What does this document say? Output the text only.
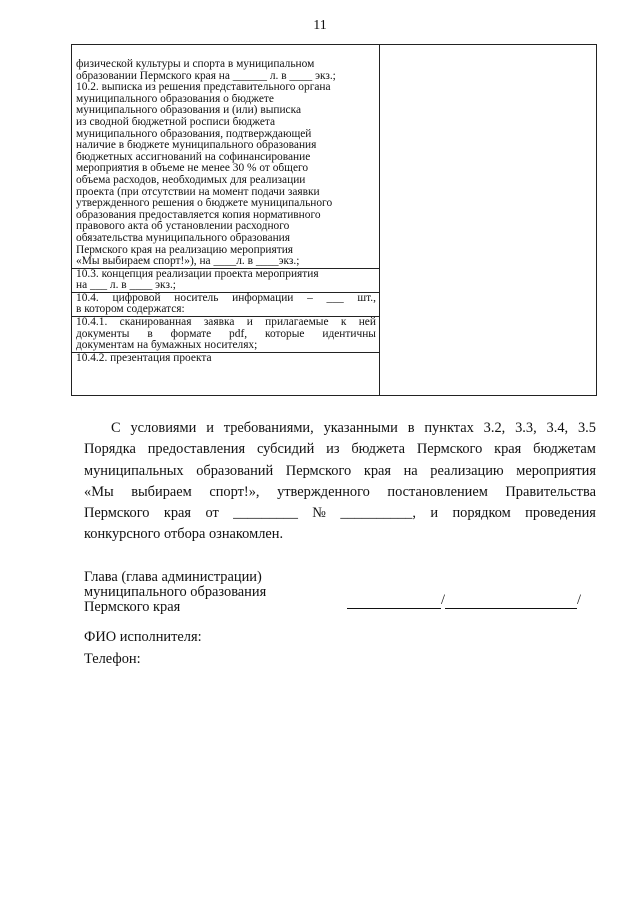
11
физической культуры и спорта в муниципальном
образовании Пермского края на ______ л. в ____ экз.;
10.2. выписка из решения представительного органа
муниципального образования о бюджете
муниципального образования и (или) выписка
из сводной бюджетной росписи бюджета
муниципального образования, подтверждающей
наличие в бюджете муниципального образования
бюджетных ассигнований на софинансирование
мероприятия в объеме не менее 30 % от общего
объема расходов, необходимых для реализации
проекта (при отсутствии на момент подачи заявки
утвержденного решения о бюджете муниципального
образования предоставляется копия нормативного
правового акта об установлении расходного
обязательства муниципального образования
Пермского края на реализацию мероприятия
«Мы выбираем спорт!»), на ____л. в ____экз.;
10.3. концепция реализации проекта мероприятия
на ___ л. в ____ экз.;
10.4. цифровой носитель информации – ___ шт.,
в котором содержатся:
10.4.1. сканированная заявка и прилагаемые к ней
документы в формате pdf, которые идентичны
документам на бумажных носителях;
10.4.2. презентация проекта
С условиями и требованиями, указанными в пунктах 3.2, 3.3, 3.4, 3.5
Порядка предоставления субсидий из бюджета Пермского края бюджетам
муниципальных образований Пермского края на реализацию мероприятия
«Мы выбираем спорт!», утвержденного постановлением Правительства
Пермского края от _________ № __________, и порядком проведения
конкурсного отбора ознакомлен.
Глава (глава администрации)
муниципального образования
Пермского края	/	/
ФИО исполнителя:
Телефон:
